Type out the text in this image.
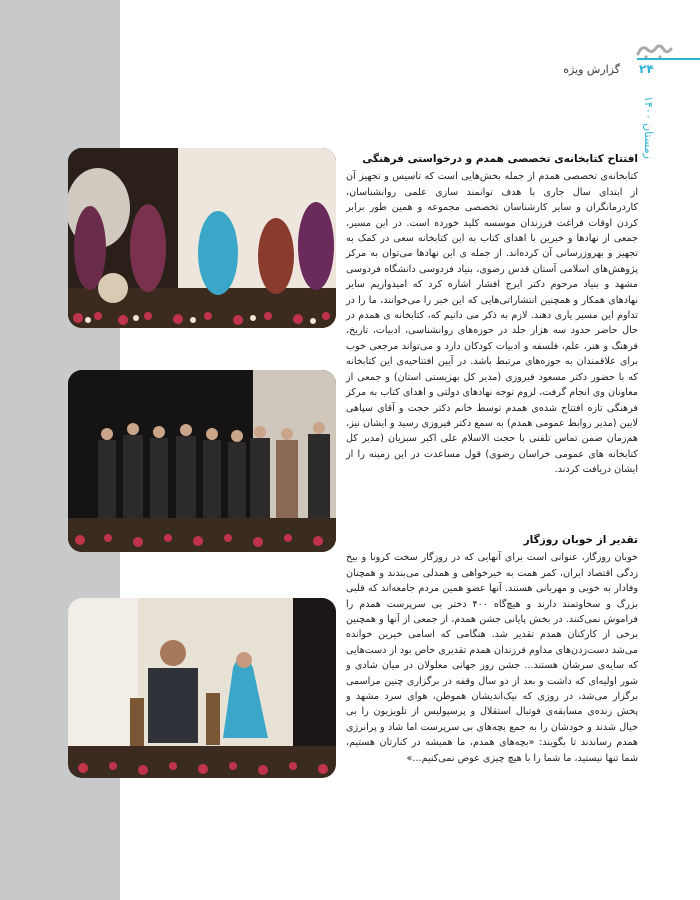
۲۴
گزارش ویژه
زمستان ۱۴۰۰
افتتاح کتابخانه‌ی تخصصی همدم و درخواستی فرهنگی

کتابخانه‌ی تخصصی همدم از جمله بخش‌هایی است که تاسیس و تجهیز آن از ابتدای سال جاری با هدف توانمند سازی علمی روانشناسان، کاردرمانگران و سایر کارشناسان تخصصی مجموعه و همین طور برابر کردن اوقات فراغت فرزندان موسسه کلید خورده است. در این مسیر، جمعی از نهادها و خیرین با اهدای کتاب به این کتابخانه سعی در کمک به تجهیز و بهروزرسانی آن کرده‌اند. از جمله ی این نهادها می‌توان به مرکز پژوهش‌های اسلامی آستان قدس رضوی، بنیاد فردوسی دانشگاه فردوسی مشهد و بنیاد مرحوم دکتر ایرج افشار اشاره کرد که امیدواریم سایر نهادهای همکار و همچنین انتشاراتی‌هایی که این خبر را می‌خوانند، ما را در تداوم این مسیر یاری دهند. لازم به ذکر می دانیم که، کتابخانه ی همدم در حال حاضر حدود سه هزار جلد در حوزه‌های روانشناسی، ادبیات، تاریخ، فرهنگ و هنر، علم، فلسفه و ادبیات کودکان دارد و می‌تواند مرجعی خوب برای علاقمندان به حوزه‌های مرتبط باشد. در آیین افتتاحیه‌ی این کتابخانه که با حضور دکتر مسعود فیروزی (مدیر کل بهزیستی استان) و جمعی از معاونان وی انجام گرفت، لزوم توجه نهادهای دولتی و اهدای کتاب به مرکز فرهنگی تازه افتتاح شده‌ی همدم توسط خانم دکتر حجت و آقای سپاهی لایین (مدیر روابط عمومی همدم) به سمع دکتر فیروزی رسید و ایشان نیز، هم‌زمان ضمن تماس تلفنی با حجت الاسلام علی اکبر سبزیان (مدیر کل کتابخانه های عمومی خراسان رضوی) قول مساعدت در این زمینه را از ایشان دریافت کردند.

تقدیر از خوبان روزگار

خوبان روزگار، عنوانی است برای آنهایی که در روزگار سخت کرونا و بیخ زدگی اقتصاد ایران، کمر همت به خیرخواهی و همدلی می‌بندند و همچنان وفادار به خوبی و مهربانی هستند. آنها عضو همین مردم جامعه‌اند که قلبی بزرگ و سخاوتمند دارند و هیچ‌گاه ۴۰۰ دختر بی سرپرست همدم را فراموش نمی‌کنند. در بخش پایانی جشن همدم، از جمعی از آنها و همچنین برخی از کارکنان همدم تقدیر شد. هنگامی که اسامی خیرین خوانده می‌شد دست‌زدن‌های مداوم فرزندان همدم تقدیری خاص بود از دست‌هایی که سایه‌ی سرشان هستند... جشن روز جهانی معلولان در میان شادی و شور اولیه‌ای که داشت و بعد از دو سال وقفه در برگزاری چنین مراسمی برگزار می‌شد، در روزی که نیک‌اندیشان هموطن، هوای سرد مشهد و پخش زنده‌ی مسابقه‌ی فوتبال استقلال و پرسپولیس از تلویزیون را بی خیال شدند و خودشان را به جمع بچه‌های بی سرپرست اما شاد و پرانرژی همدم رساندند تا بگویند: «بچه‌های همدم، ما همیشه در کنارتان هستیم، شما تنها نیستید، ما شما را با هیچ چیزی عوض نمی‌کنیم...»
